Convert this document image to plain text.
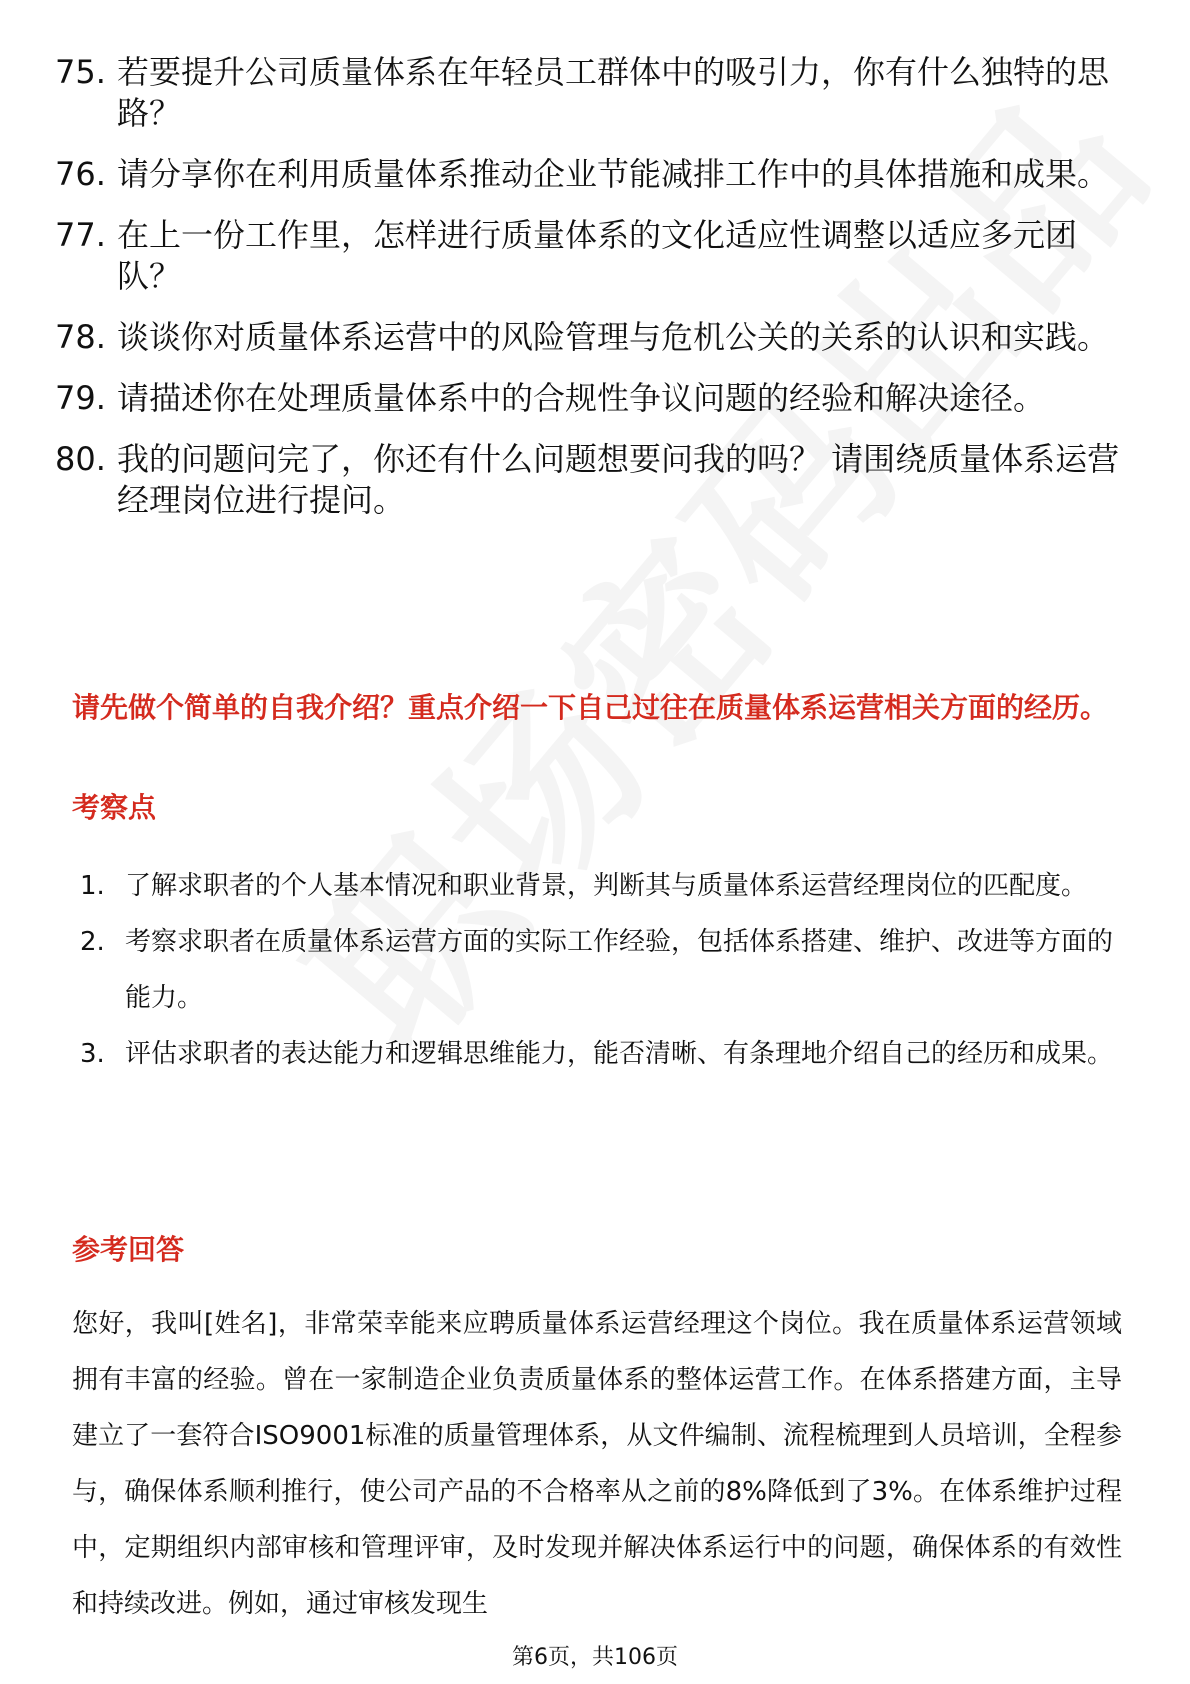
75. 若要提升公司质量体系在年轻员工群体中的吸引力，你有什么独特的思路？
76. 请分享你在利用质量体系推动企业节能减排工作中的具体措施和成果。
77. 在上一份工作里，怎样进行质量体系的文化适应性调整以适应多元团队？
78. 谈谈你对质量体系运营中的风险管理与危机公关的关系的认识和实践。
79. 请描述你在处理质量体系中的合规性争议问题的经验和解决途径。
80. 我的问题问完了，你还有什么问题想要问我的吗？ 请围绕质量体系运营经理岗位进行提问。
请先做个简单的自我介绍？重点介绍一下自己过往在质量体系运营相关方面的经历。
考察点
1. 了解求职者的个人基本情况和职业背景，判断其与质量体系运营经理岗位的匹配度。
2. 考察求职者在质量体系运营方面的实际工作经验，包括体系搭建、维护、改进等方面的能力。
3. 评估求职者的表达能力和逻辑思维能力，能否清晰、有条理地介绍自己的经历和成果。
参考回答
您好，我叫[姓名]，非常荣幸能来应聘质量体系运营经理这个岗位。我在质量体系运营领域拥有丰富的经验。曾在一家制造企业负责质量体系的整体运营工作。在体系搭建方面，主导建立了一套符合ISO9001标准的质量管理体系，从文件编制、流程梳理到人员培训，全程参与，确保体系顺利推行，使公司产品的不合格率从之前的8%降低到了3%。在体系维护过程中，定期组织内部审核和管理评审，及时发现并解决体系运行中的问题，确保体系的有效性和持续改进。例如，通过审核发现生
第6页，共106页
